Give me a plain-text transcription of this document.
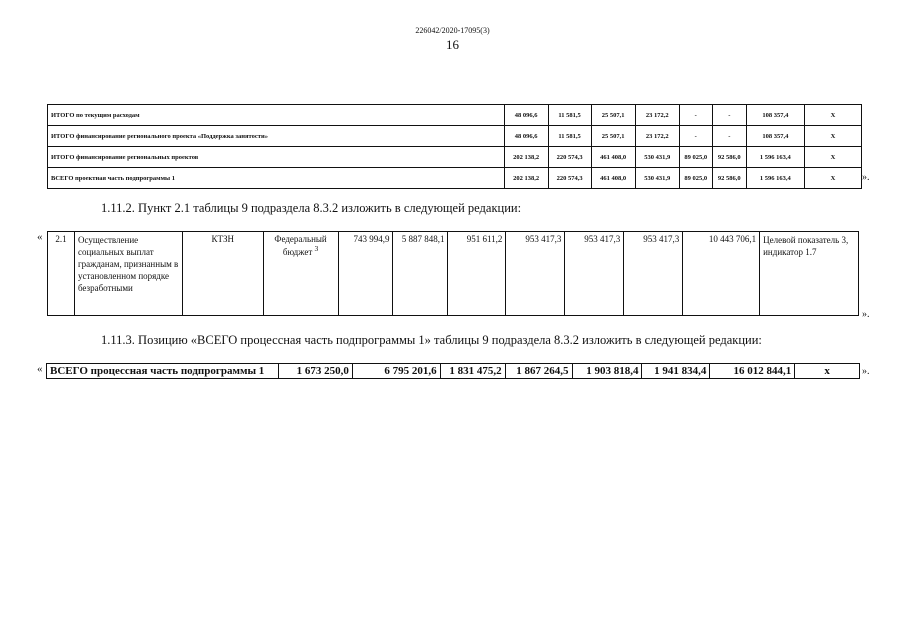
226042/2020-17095(3)
16
ИТОГО по текущим расходам	48 096,6	11 581,5	25 507,1	23 172,2	-	-	108 357,4	X
ИТОГО финансирование регионального проекта «Поддержка занятости»	48 096,6	11 581,5	25 507,1	23 172,2	-	-	108 357,4	X
ИТОГО финансирование региональных проектов	202 138,2	220 574,3	461 408,0	530 431,9	89 025,0	92 586,0	1 596 163,4	X
ВСЕГО проектная часть подпрограммы 1	202 138,2	220 574,3	461 408,0	530 431,9	89 025,0	92 586,0	1 596 163,4	X	».
1.11.2. Пункт 2.1 таблицы 9 подраздела 8.3.2 изложить в следующей редакции:
« 2.1	Осуществление социальных выплат гражданам, признанным в установленном порядке безработными	КТЗН	Федеральный бюджет $^3$	743 994,9	5 887 848,1	951 611,2	953 417,3	953 417,3	953 417,3	10 443 706,1	Целевой показатель 3, индикатор 1.7
».
1.11.3. Позицию «ВСЕГО процессная часть подпрограммы 1» таблицы 9 подраздела 8.3.2 изложить в следующей редакции:
« ВСЕГО процессная часть подпрограммы 1	1 673 250,0	6 795 201,6	1 831 475,2	1 867 264,5	1 903 818,4	1 941 834,4	16 012 844,1	x	».
